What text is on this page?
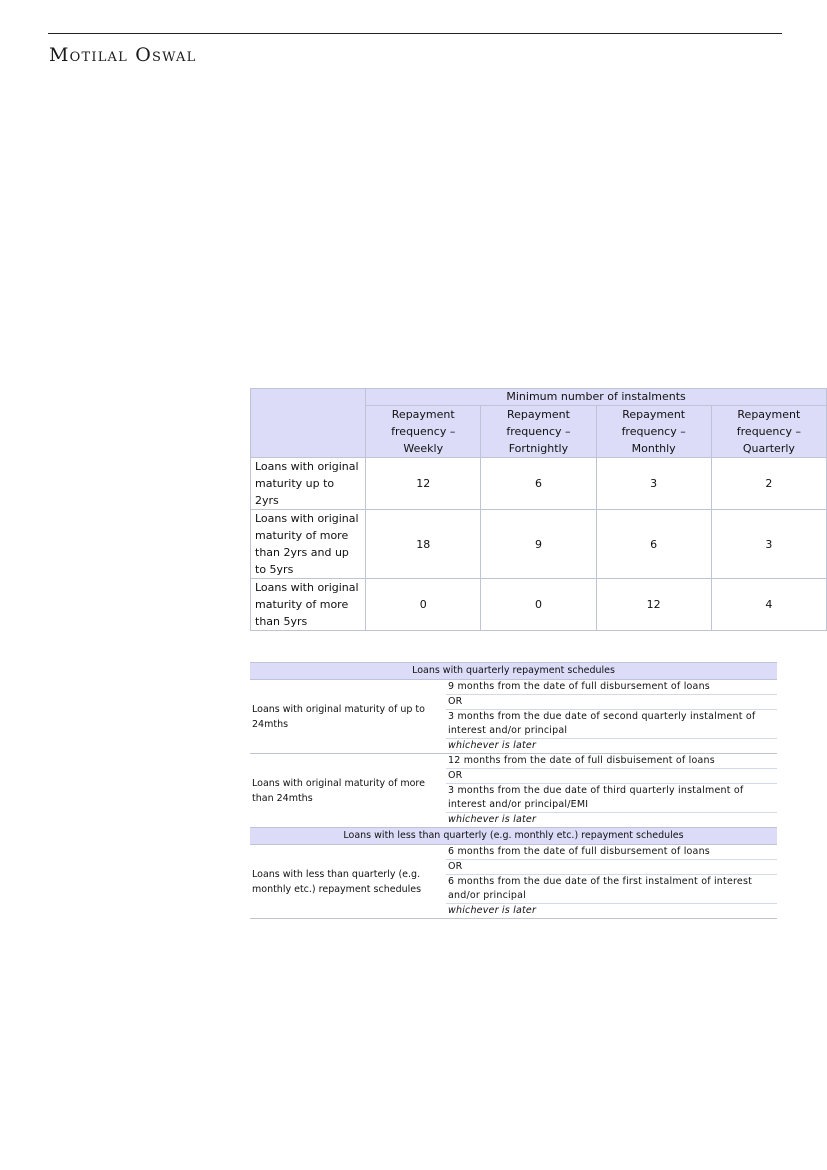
Motilal Oswal
	Minimum number of instalments			
	Repayment frequency – Weekly	Repayment frequency – Fortnightly	Repayment frequency – Monthly	Repayment frequency – Quarterly
Loans with original maturity up to 2yrs	12	6	3	2
Loans with original maturity of more than 2yrs and up to 5yrs	18	9	6	3
Loans with original maturity of more than 5yrs	0	0	12	4
Loans with quarterly repayment schedules	
Loans with original maturity of up to 24mths	9 months from the date of full disbursement of loans
	OR
	3 months from the due date of second quarterly instalment of interest and/or principal
	whichever is later
Loans with original maturity of more than 24mths	12 months from the date of full disbuisement of loans
	OR
	3 months from the due date of third quarterly instalment of interest and/or principal/EMI
	whichever is later
Loans with less than quarterly (e.g. monthly etc.) repayment schedules	
Loans with less than quarterly (e.g. monthly etc.) repayment schedules	6 months from the date of full disbursement of loans
	OR
	6 months from the due date of the first instalment of interest and/or principal
	whichever is later
